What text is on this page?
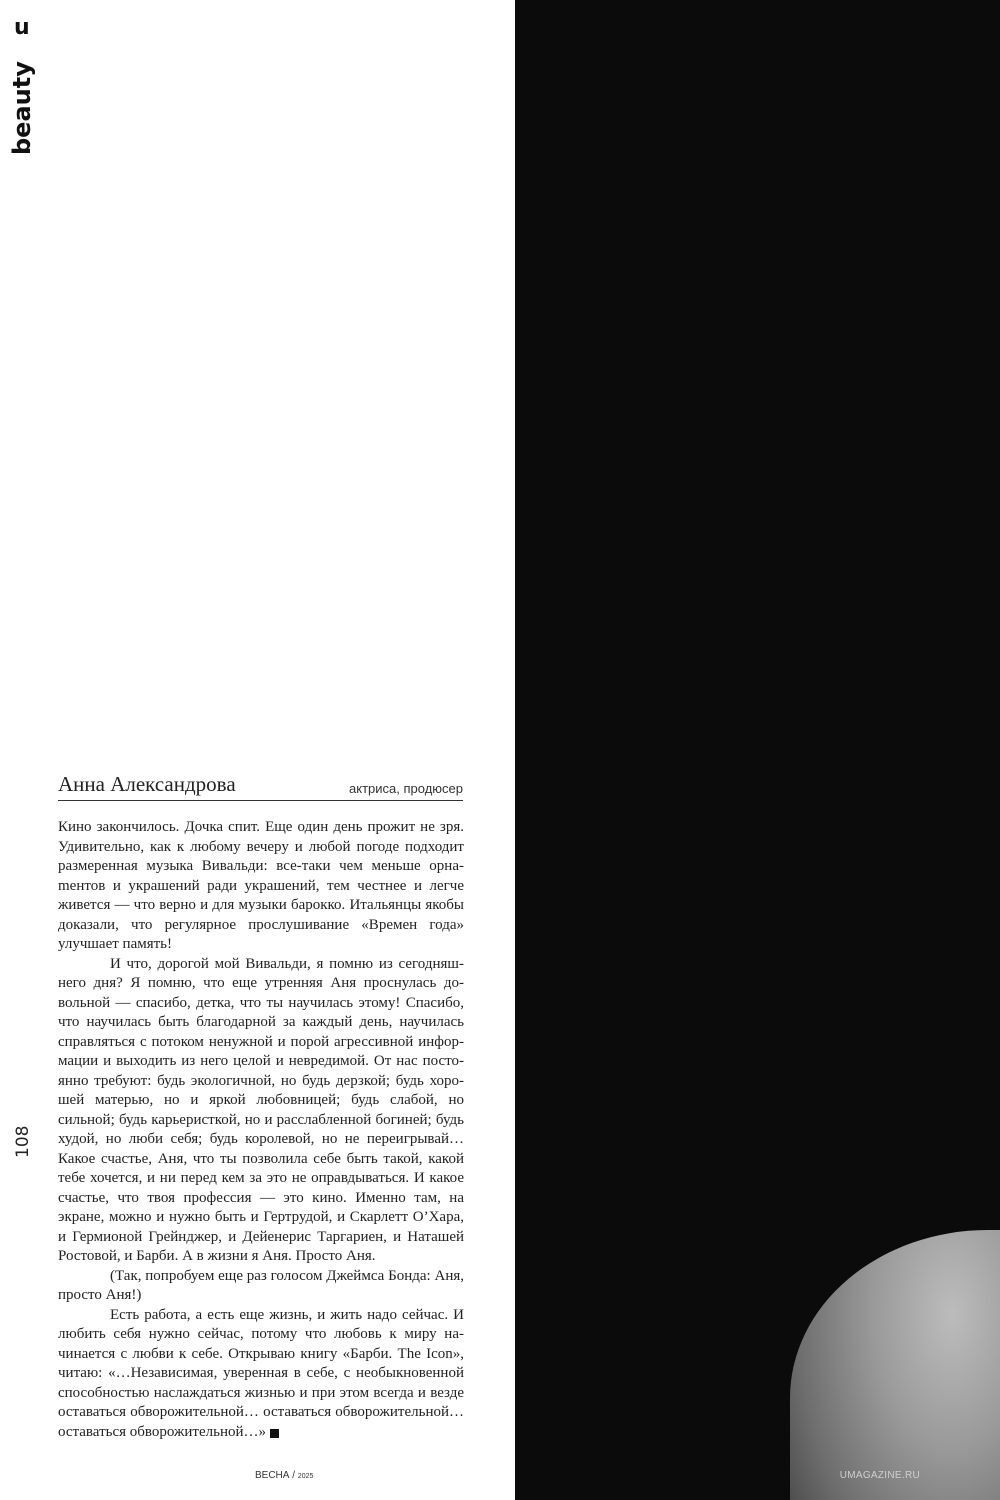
u
beauty
108
Анна Александрова	актриса, продюсер

Кино закончилось. Дочка спит. Еще один день прожит не зря. Удивительно, как к любому вечеру и любой погоде подходит размеренная музыка Вивальди: все-таки чем меньше орнаmентов и украшений ради украшений, тем честнее и легче живется — что верно и для музыки барокко. Итальянцы якобы доказали, что регулярное прослушивание «Времен года» улучшает память!

И что, дорогой мой Вивальди, я помню из сегодняшнего дня? Я помню, что еще утренняя Аня проснулась довольной — спасибо, детка, что ты научилась этому! Спасибо, что научилась быть благодарной за каждый день, научилась справляться с потоком ненужной и порой агрессивной информации и выходить из него целой и невредимой. От нас постоянно требуют: будь экологичной, но будь дерзкой; будь хорошей матерью, но и яркой любовницей; будь слабой, но сильной; будь карьеристкой, но и расслабленной богиней; будь худой, но люби себя; будь королевой, но не переигрывай… Какое счастье, Аня, что ты позволила себе быть такой, какой тебе хочется, и ни перед кем за это не оправдываться. И какое счастье, что твоя профессия — это кино. Именно там, на экране, можно и нужно быть и Гертрудой, и Скарлетт О’Хара, и Гермионой Грейнджер, и Дейенерис Таргариен, и Наташей Ростовой, и Барби. А в жизни я Аня. Просто Аня.

(Так, попробуем еще раз голосом Джеймса Бонда: Аня, просто Аня!)

Есть работа, а есть еще жизнь, и жить надо сейчас. И любить себя нужно сейчас, потому что любовь к миру начинается с любви к себе. Открываю книгу «Барби. The Icon», читаю: «…Независимая, уверенная в себе, с необыкновенной способностью наслаждаться жизнью и при этом всегда и везде оставаться обворожительной… оставаться обворожительной… оставаться обворожительной…»	u

ВЕСНА / 2025	UMAGAZINE.RU
